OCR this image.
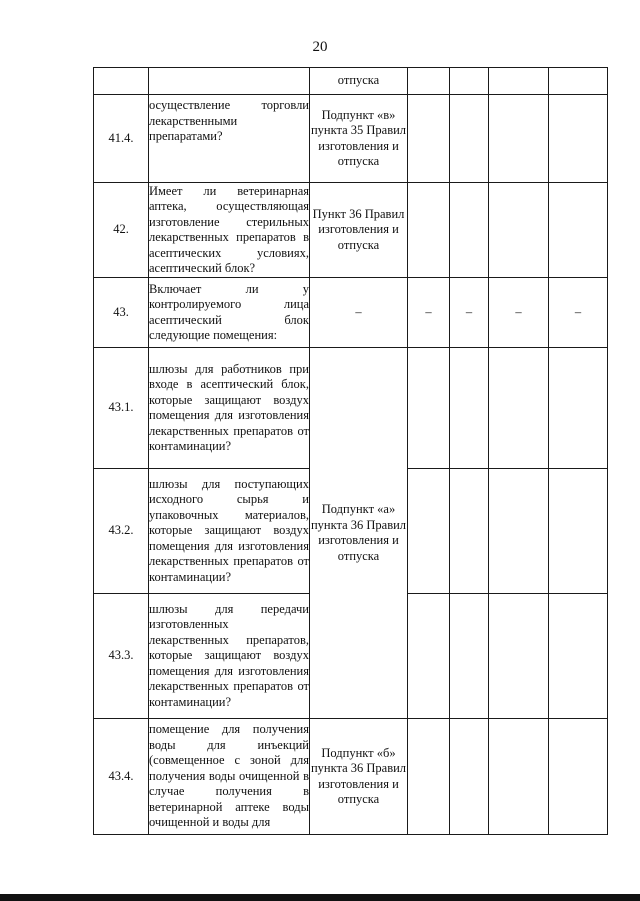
20
		отпуска				
41.4.	осуществление торговли лекарственными препаратами?	Подпункт «в» пункта 35 Правил изготовления и отпуска				
42.	Имеет ли ветеринарная аптека, осуществляющая изготовление стерильных лекарственных препаратов в асептических условиях, асептический блок?	Пункт 36 Правил изготовления и отпуска				
43.	Включает ли у контролируемого лица асептический блок следующие помещения:	–	–	–	–	–
43.1.	шлюзы для работников при входе в асептический блок, которые защищают воздух помещения для изготовления лекарственных препаратов от контаминации?	Подпункт «а» пункта 36 Правил изготовления и отпуска				
43.2.	шлюзы для поступающих исходного сырья и упаковочных материалов, которые защищают воздух помещения для изготовления лекарственных препаратов от контаминации?					
43.3.	шлюзы для передачи изготовленных лекарственных препаратов, которые защищают воздух помещения для изготовления лекарственных препаратов от контаминации?					
43.4.	помещение для получения воды для инъекций (совмещенное с зоной для получения воды очищенной в случае получения в ветеринарной аптеке воды очищенной и воды для	Подпункт «б» пункта 36 Правил изготовления и отпуска				
